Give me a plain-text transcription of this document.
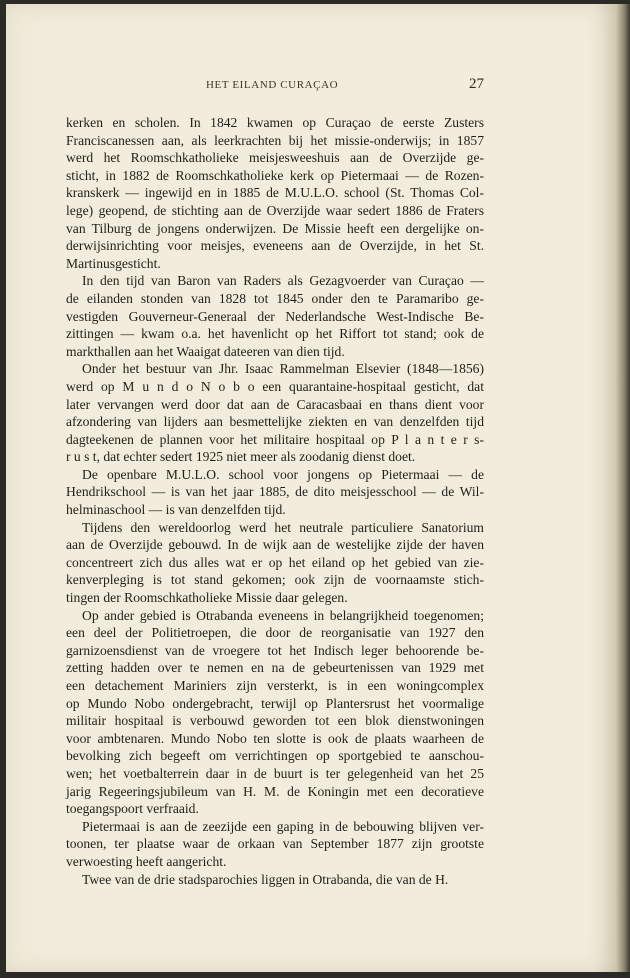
HET EILAND CURAÇAO	27
kerken en scholen. In 1842 kwamen op Curaçao de eerste Zusters
Franciscanessen aan, als leerkrachten bij het missie-onderwijs; in 1857
werd het Roomschkatholieke meisjesweeshuis aan de Overzijde ge-
sticht, in 1882 de Roomschkatholieke kerk op Pietermaai — de Rozen-
kranskerk — ingewijd en in 1885 de M.U.L.O. school (St. Thomas Col-
lege) geopend, de stichting aan de Overzijde waar sedert 1886 de Fraters
van Tilburg de jongens onderwijzen. De Missie heeft een dergelijke on-
derwijsinrichting voor meisjes, eveneens aan de Overzijde, in het St.
Martinusgesticht.
In den tijd van Baron van Raders als Gezagvoerder van Curaçao —
de eilanden stonden van 1828 tot 1845 onder den te Paramaribo ge-
vestigden Gouverneur-Generaal der Nederlandsche West-Indische Be-
zittingen — kwam o.a. het havenlicht op het Riffort tot stand; ook de
markthallen aan het Waaigat dateeren van dien tijd.
Onder het bestuur van Jhr. Isaac Rammelman Elsevier (1848—1856)
werd op M u n d o N o b o een quarantaine-hospitaal gesticht, dat
later vervangen werd door dat aan de Caracasbaai en thans dient voor
afzondering van lijders aan besmettelijke ziekten en van denzelfden tijd
dagteekenen de plannen voor het militaire hospitaal op P l a n t e r s-
r u s t, dat echter sedert 1925 niet meer als zoodanig dienst doet.
De openbare M.U.L.O. school voor jongens op Pietermaai — de
Hendrikschool — is van het jaar 1885, de dito meisjesschool — de Wil-
helminaschool — is van denzelfden tijd.
Tijdens den wereldoorlog werd het neutrale particuliere Sanatorium
aan de Overzijde gebouwd. In de wijk aan de westelijke zijde der haven
concentreert zich dus alles wat er op het eiland op het gebied van zie-
kenverpleging is tot stand gekomen; ook zijn de voornaamste stich-
tingen der Roomschkatholieke Missie daar gelegen.
Op ander gebied is Otrabanda eveneens in belangrijkheid toegenomen;
een deel der Politietroepen, die door de reorganisatie van 1927 den
garnizoensdienst van de vroegere tot het Indisch leger behoorende be-
zetting hadden over te nemen en na de gebeurtenissen van 1929 met
een detachement Mariniers zijn versterkt, is in een woningcomplex
op Mundo Nobo ondergebracht, terwijl op Plantersrust het voormalige
militair hospitaal is verbouwd geworden tot een blok dienstwoningen
voor ambtenaren. Mundo Nobo ten slotte is ook de plaats waarheen de
bevolking zich begeeft om verrichtingen op sportgebied te aanschou-
wen; het voetbalterrein daar in de buurt is ter gelegenheid van het 25
jarig Regeeringsjubileum van H. M. de Koningin met een decoratieve
toegangspoort verfraaid.
Pietermaai is aan de zeezijde een gaping in de bebouwing blijven ver-
toonen, ter plaatse waar de orkaan van September 1877 zijn grootste
verwoesting heeft aangericht.
Twee van de drie stadsparochies liggen in Otrabanda, die van de H.
